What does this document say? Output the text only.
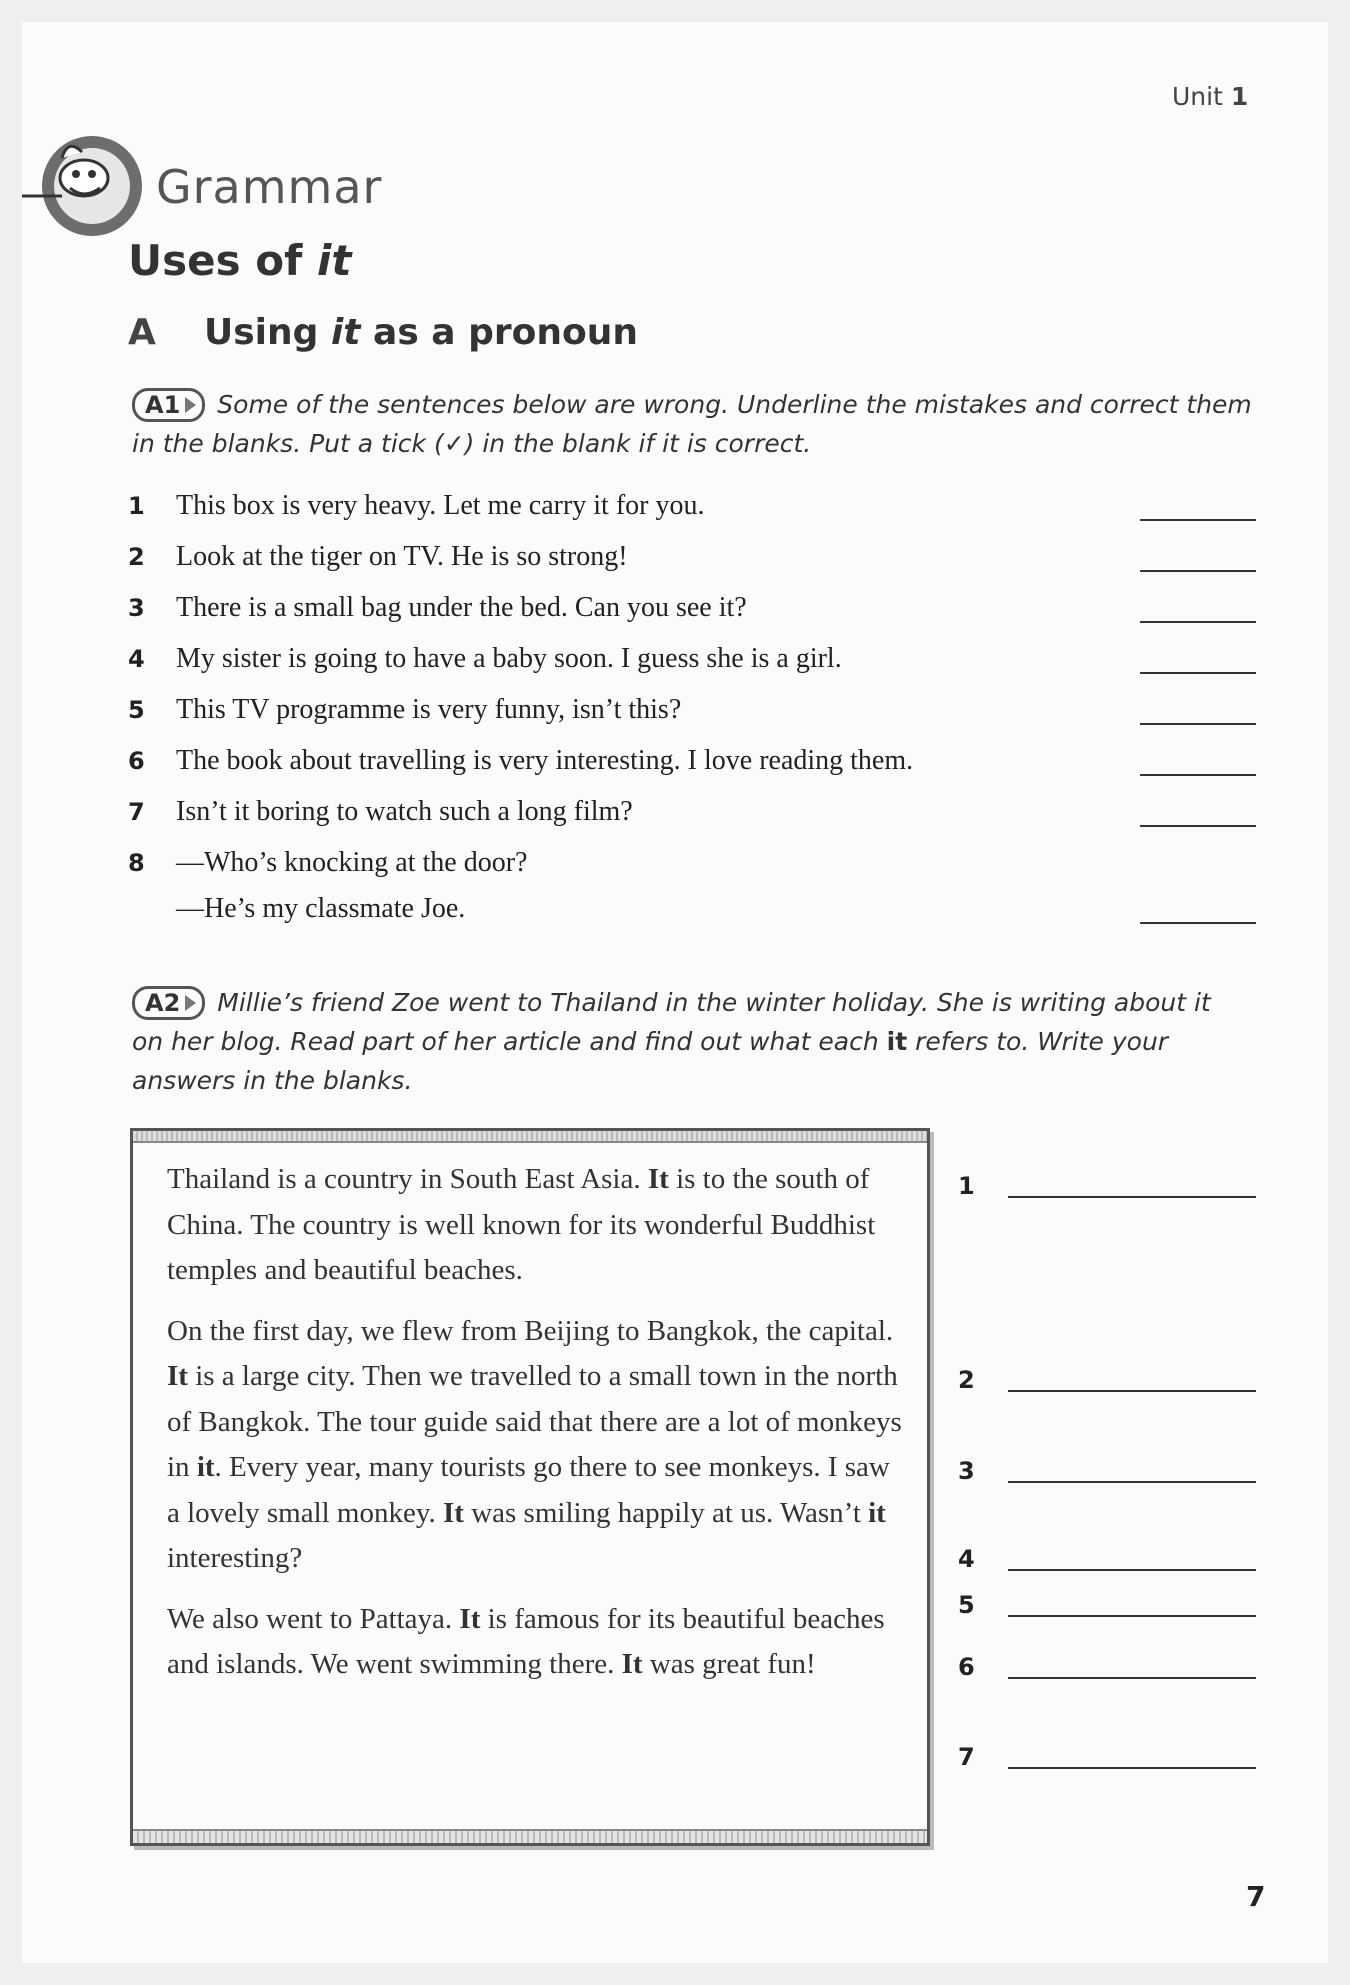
Unit 1
Grammar
Uses of it
A Using it as a pronoun
A1 Some of the sentences below are wrong. Underline the mistakes and correct them in the blanks. Put a tick (✓) in the blank if it is correct.
1	This box is very heavy. Let me carry it for you.
2	Look at the tiger on TV. He is so strong!
3	There is a small bag under the bed. Can you see it?
4	My sister is going to have a baby soon. I guess she is a girl.
5	This TV programme is very funny, isn’t this?
6	The book about travelling is very interesting. I love reading them.
7	Isn’t it boring to watch such a long film?
8	—Who’s knocking at the door?
—He’s my classmate Joe.
A2 Millie’s friend Zoe went to Thailand in the winter holiday. She is writing about it on her blog. Read part of her article and find out what each it refers to. Write your answers in the blanks.

Thailand is a country in South East Asia. It is to the south of China. The country is well known for its wonderful Buddhist temples and beautiful beaches.

On the first day, we flew from Beijing to Bangkok, the capital. It is a large city. Then we travelled to a small town in the north of Bangkok. The tour guide said that there are a lot of monkeys in it. Every year, many tourists go there to see monkeys. I saw a lovely small monkey. It was smiling happily at us. Wasn’t it interesting?

We also went to Pattaya. It is famous for its beautiful beaches and islands. We went swimming there. It was great fun!

1
2
3
4
5
6
7
7
